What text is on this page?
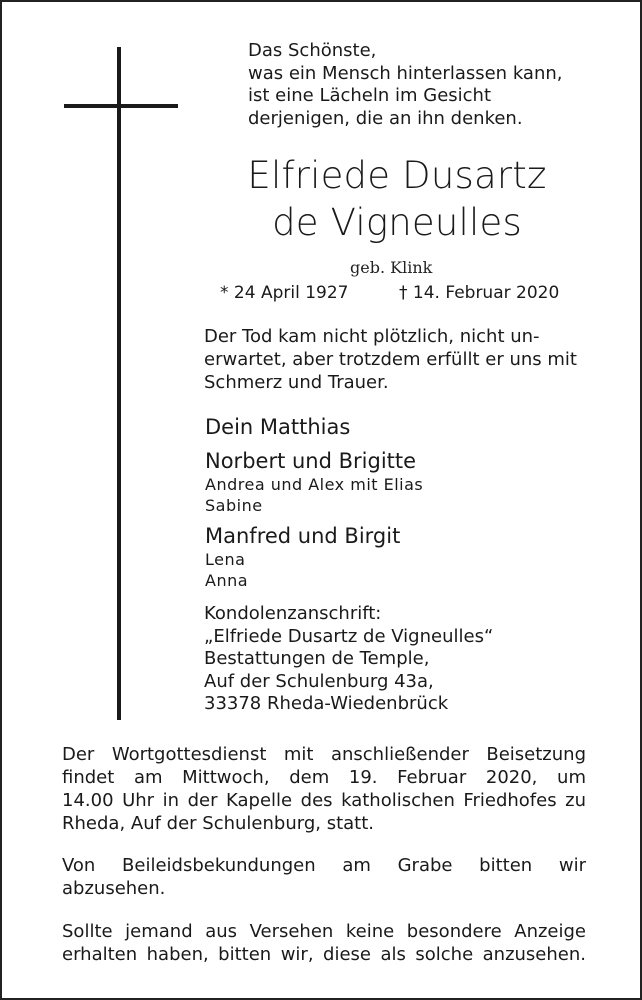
Das Schönste,
was ein Mensch hinterlassen kann,
ist eine Lächeln im Gesicht
derjenigen, die an ihn denken.
Elfriede Dusartz
de Vigneulles
geb. Klink
* 24 April 1927	† 14. Februar 2020
Der Tod kam nicht plötzlich, nicht un-
erwartet, aber trotzdem erfüllt er uns mit
Schmerz und Trauer.
Dein Matthias
Norbert und Brigitte
Andrea und Alex mit Elias
Sabine
Manfred und Birgit
Lena
Anna
Kondolenzanschrift:
„Elfriede Dusartz de Vigneulles“
Bestattungen de Temple,
Auf der Schulenburg 43a,
33378 Rheda-Wiedenbrück
Der Wortgottesdienst mit anschließender Beisetzung
findet am Mittwoch, dem 19. Februar 2020, um
14.00 Uhr in der Kapelle des katholischen Friedhofes zu
Rheda, Auf der Schulenburg, statt.
Von Beileidsbekundungen am Grabe bitten wir
abzusehen.
Sollte jemand aus Versehen keine besondere Anzeige
erhalten haben, bitten wir, diese als solche anzusehen.
